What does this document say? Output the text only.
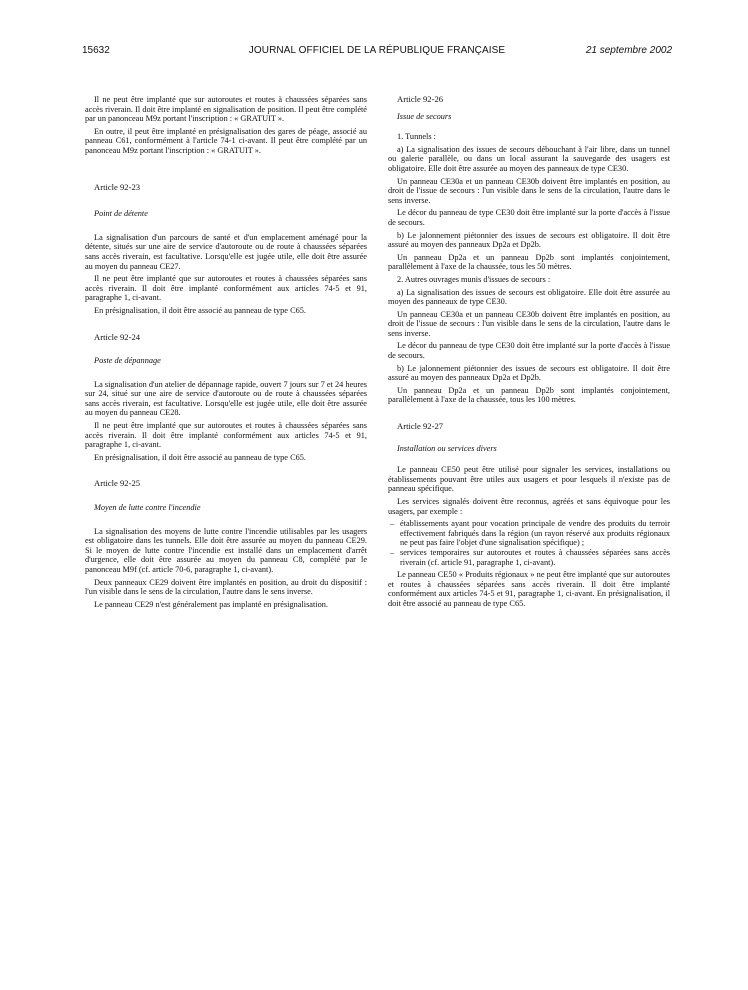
15632	JOURNAL OFFICIEL DE LA RÉPUBLIQUE FRANÇAISE	21 septembre 2002

Il ne peut être implanté que sur autoroutes et routes à chaussées séparées sans accès riverain. Il doit être implanté en signalisation de position. Il peut être complété par un panonceau M9z portant l'inscription : « GRATUIT ».

En outre, il peut être implanté en présignalisation des gares de péage, associé au panneau C61, conformément à l'article 74-1 ci-avant. Il peut être complété par un panonceau M9z portant l'inscription : « GRATUIT ».

Article 92-23

Point de détente

La signalisation d'un parcours de santé et d'un emplacement aménagé pour la détente, situés sur une aire de service d'autoroute ou de route à chaussées séparées sans accès riverain, est facultative. Lorsqu'elle est jugée utile, elle doit être assurée au moyen du panneau CE27.

Il ne peut être implanté que sur autoroutes et routes à chaussées séparées sans accès riverain. Il doit être implanté conformément aux articles 74-5 et 91, paragraphe 1, ci-avant.

En présignalisation, il doit être associé au panneau de type C65.

Article 92-24

Poste de dépannage

La signalisation d'un atelier de dépannage rapide, ouvert 7 jours sur 7 et 24 heures sur 24, situé sur une aire de service d'autoroute ou de route à chaussées séparées sans accès riverain, est facultative. Lorsqu'elle est jugée utile, elle doit être assurée au moyen du panneau CE28.

Il ne peut être implanté que sur autoroutes et routes à chaussées séparées sans accès riverain. Il doit être implanté conformément aux articles 74-5 et 91, paragraphe 1, ci-avant.

En présignalisation, il doit être associé au panneau de type C65.

Article 92-25

Moyen de lutte contre l'incendie

La signalisation des moyens de lutte contre l'incendie utilisables par les usagers est obligatoire dans les tunnels. Elle doit être assurée au moyen du panneau CE29. Si le moyen de lutte contre l'incendie est installé dans un emplacement d'arrêt d'urgence, elle doit être assurée au moyen du panneau C8, complété par le panonceau M9f (cf. article 70-6, paragraphe 1, ci-avant).

Deux panneaux CE29 doivent être implantés en position, au droit du dispositif : l'un visible dans le sens de la circulation, l'autre dans le sens inverse.

Le panneau CE29 n'est généralement pas implanté en présignalisation.

Article 92-26

Issue de secours

1. Tunnels :

a) La signalisation des issues de secours débouchant à l'air libre, dans un tunnel ou galerie parallèle, ou dans un local assurant la sauvegarde des usagers est obligatoire. Elle doit être assurée au moyen des panneaux de type CE30.

Un panneau CE30a et un panneau CE30b doivent être implantés en position, au droit de l'issue de secours : l'un visible dans le sens de la circulation, l'autre dans le sens inverse.

Le décor du panneau de type CE30 doit être implanté sur la porte d'accès à l'issue de secours.

b) Le jalonnement piétonnier des issues de secours est obligatoire. Il doit être assuré au moyen des panneaux Dp2a et Dp2b.

Un panneau Dp2a et un panneau Dp2b sont implantés conjointement, parallèlement à l'axe de la chaussée, tous les 50 mètres.

2. Autres ouvrages munis d'issues de secours :

a) La signalisation des issues de secours est obligatoire. Elle doit être assurée au moyen des panneaux de type CE30.

Un panneau CE30a et un panneau CE30b doivent être implantés en position, au droit de l'issue de secours : l'un visible dans le sens de la circulation, l'autre dans le sens inverse.

Le décor du panneau de type CE30 doit être implanté sur la porte d'accès à l'issue de secours.

b) Le jalonnement piétonnier des issues de secours est obligatoire. Il doit être assuré au moyen des panneaux Dp2a et Dp2b.

Un panneau Dp2a et un panneau Dp2b sont implantés conjointement, parallèlement à l'axe de la chaussée, tous les 100 mètres.

Article 92-27

Installation ou services divers

Le panneau CE50 peut être utilisé pour signaler les services, installations ou établissements pouvant être utiles aux usagers et pour lesquels il n'existe pas de panneau spécifique.

Les services signalés doivent être reconnus, agréés et sans équivoque pour les usagers, par exemple :

– établissements ayant pour vocation principale de vendre des produits du terroir effectivement fabriqués dans la région (un rayon réservé aux produits régionaux ne peut pas faire l'objet d'une signalisation spécifique) ;
– services temporaires sur autoroutes et routes à chaussées séparées sans accès riverain (cf. article 91, paragraphe 1, ci-avant).

Le panneau CE50 « Produits régionaux » ne peut être implanté que sur autoroutes et routes à chaussées séparées sans accès riverain. Il doit être implanté conformément aux articles 74-5 et 91, paragraphe 1, ci-avant. En présignalisation, il doit être associé au panneau de type C65.
